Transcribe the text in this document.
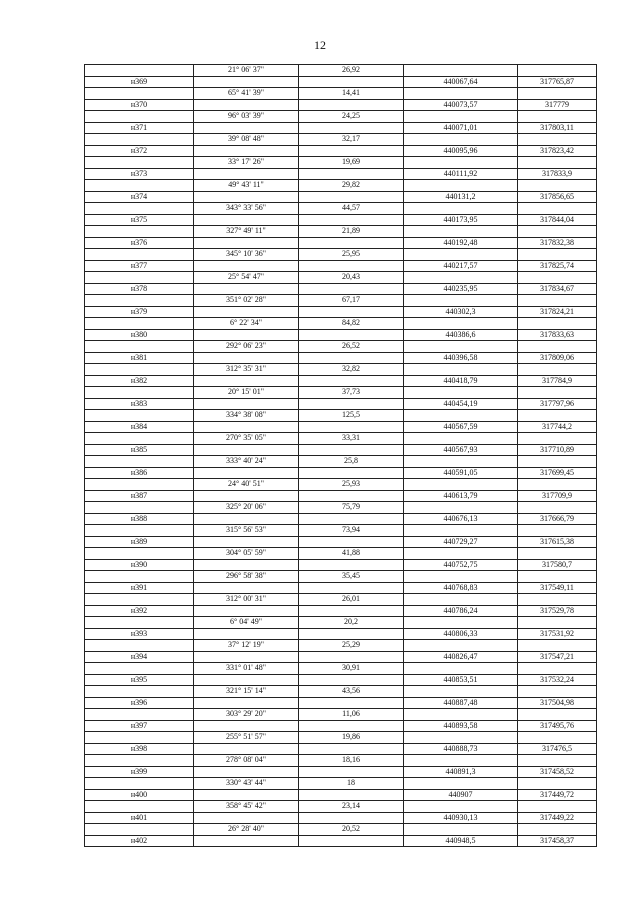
12
	21° 06' 37"	26,92		
н369			440067,64	317765,87
	65° 41' 39"	14,41		
н370			440073,57	317779
	96° 03' 39"	24,25		
н371			440071,01	317803,11
	39° 08' 48"	32,17		
н372			440095,96	317823,42
	33° 17' 26"	19,69		
н373			440111,92	317833,9
	49° 43' 11"	29,82		
н374			440131,2	317856,65
	343° 33' 56"	44,57		
н375			440173,95	317844,04
	327° 49' 11"	21,89		
н376			440192,48	317832,38
	345° 10' 36"	25,95		
н377			440217,57	317825,74
	25° 54' 47"	20,43		
н378			440235,95	317834,67
	351° 02' 28"	67,17		
н379			440302,3	317824,21
	6° 22' 34"	84,82		
н380			440386,6	317833,63
	292° 06' 23"	26,52		
н381			440396,58	317809,06
	312° 35' 31"	32,82		
н382			440418,79	317784,9
	20° 15' 01"	37,73		
н383			440454,19	317797,96
	334° 38' 08"	125,5		
н384			440567,59	317744,2
	270° 35' 05"	33,31		
н385			440567,93	317710,89
	333° 40' 24"	25,8		
н386			440591,05	317699,45
	24° 40' 51"	25,93		
н387			440613,79	317709,9
	325° 20' 06"	75,79		
н388			440676,13	317666,79
	315° 56' 53"	73,94		
н389			440729,27	317615,38
	304° 05' 59"	41,88		
н390			440752,75	317580,7
	296° 58' 38"	35,45		
н391			440768,83	317549,11
	312° 00' 31"	26,01		
н392			440786,24	317529,78
	6° 04' 49"	20,2		
н393			440806,33	317531,92
	37° 12' 19"	25,29		
н394			440826,47	317547,21
	331° 01' 48"	30,91		
н395			440853,51	317532,24
	321° 15' 14"	43,56		
н396			440887,48	317504,98
	303° 29' 20"	11,06		
н397			440893,58	317495,76
	255° 51' 57"	19,86		
н398			440888,73	317476,5
	278° 08' 04"	18,16		
н399			440891,3	317458,52
	330° 43' 44"	18		
н400			440907	317449,72
	358° 45' 42"	23,14		
н401			440930,13	317449,22
	26° 28' 40"	20,52		
н402			440948,5	317458,37
